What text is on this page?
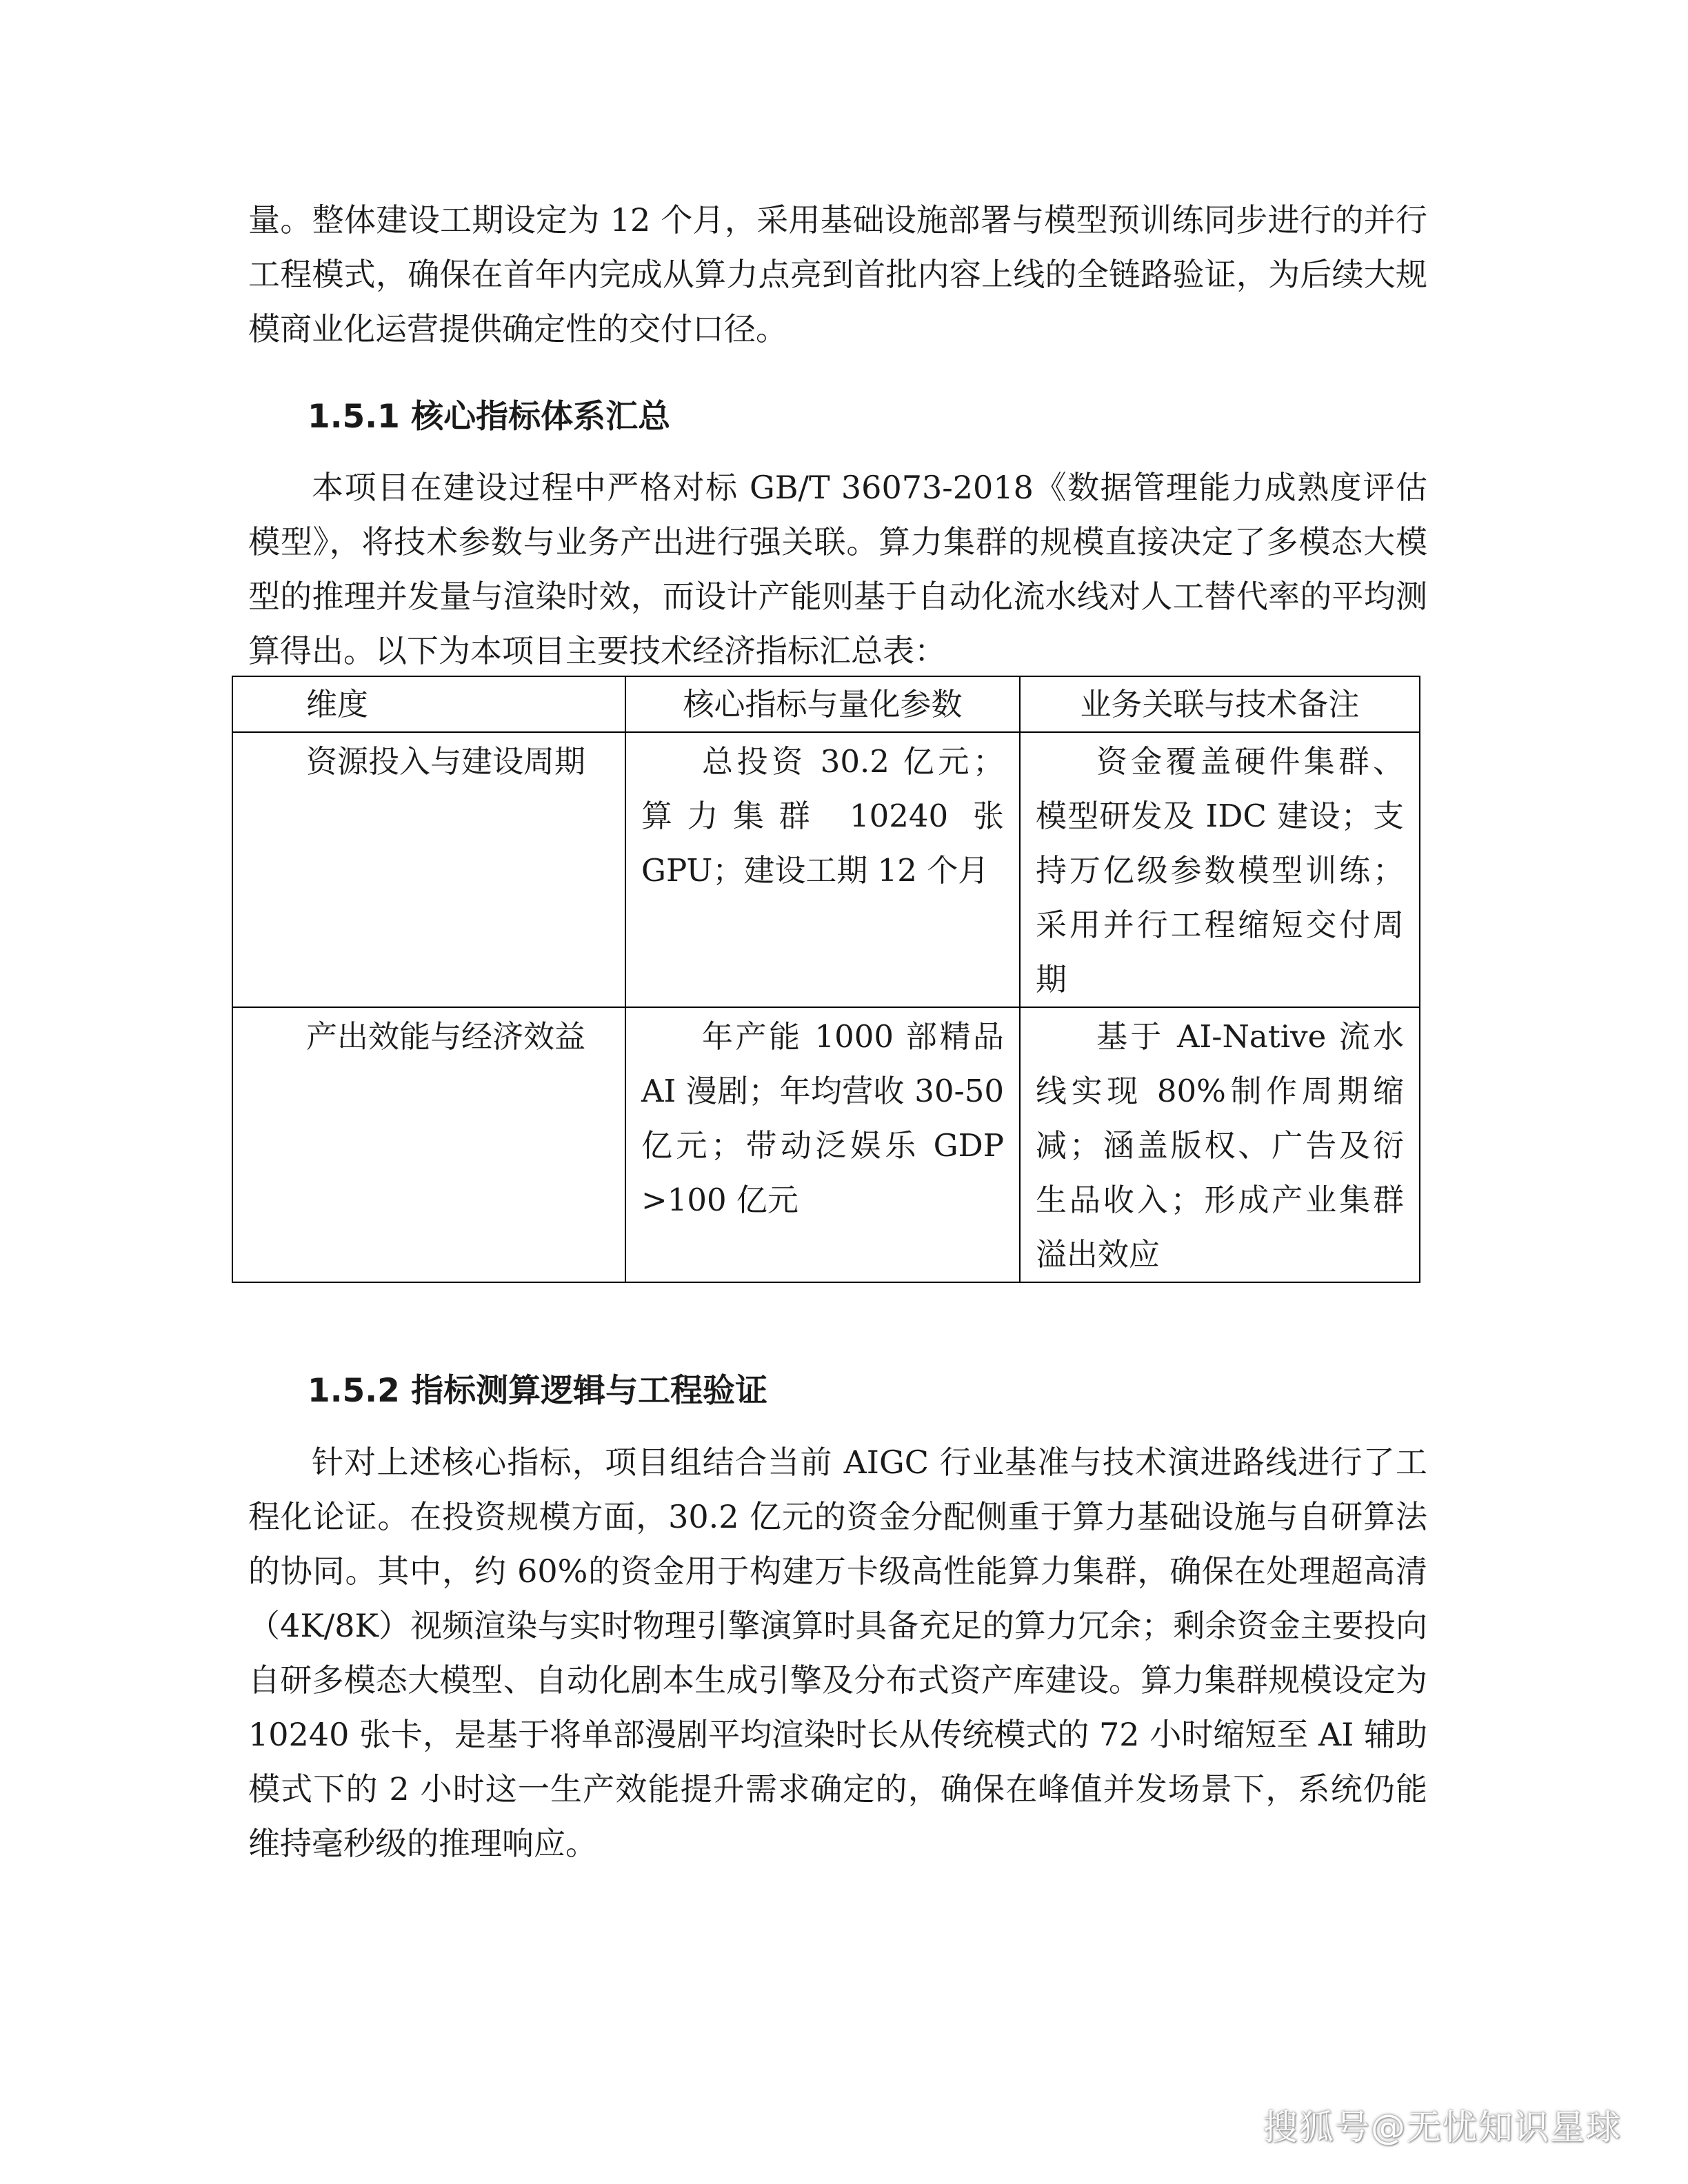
量。整体建设工期设定为 12 个月，采用基础设施部署与模型预训练同步进行的并行工程模式，确保在首年内完成从算力点亮到首批内容上线的全链路验证，为后续大规模商业化运营提供确定性的交付口径。

1.5.1 核心指标体系汇总

本项目在建设过程中严格对标 GB/T 36073-2018《数据管理能力成熟度评估模型》，将技术参数与业务产出进行强关联。算力集群的规模直接决定了多模态大模型的推理并发量与渲染时效，而设计产能则基于自动化流水线对人工替代率的平均测算得出。以下为本项目主要技术经济指标汇总表：

维度	核心指标与量化参数	业务关联与技术备注
资源投入与建设周期	总投资 30.2 亿元；算力集群 10240 张 GPU；建设工期 12 个月	资金覆盖硬件集群、模型研发及 IDC 建设；支持万亿级参数模型训练；采用并行工程缩短交付周期
产出效能与经济效益	年产能 1000 部精品 AI 漫剧；年均营收 30-50 亿元；带动泛娱乐 GDP >100 亿元	基于 AI-Native 流水线实现 80%制作周期缩减；涵盖版权、广告及衍生品收入；形成产业集群溢出效应
1.5.2 指标测算逻辑与工程验证

针对上述核心指标，项目组结合当前 AIGC 行业基准与技术演进路线进行了工程化论证。在投资规模方面，30.2 亿元的资金分配侧重于算力基础设施与自研算法的协同。其中，约 60%的资金用于构建万卡级高性能算力集群，确保在处理超高清（4K/8K）视频渲染与实时物理引擎演算时具备充足的算力冗余；剩余资金主要投向自研多模态大模型、自动化剧本生成引擎及分布式资产库建设。算力集群规模设定为 10240 张卡，是基于将单部漫剧平均渲染时长从传统模式的 72 小时缩短至 AI 辅助模式下的 2 小时这一生产效能提升需求确定的，确保在峰值并发场景下，系统仍能维持毫秒级的推理响应。

搜狐号@无忧知识星球
